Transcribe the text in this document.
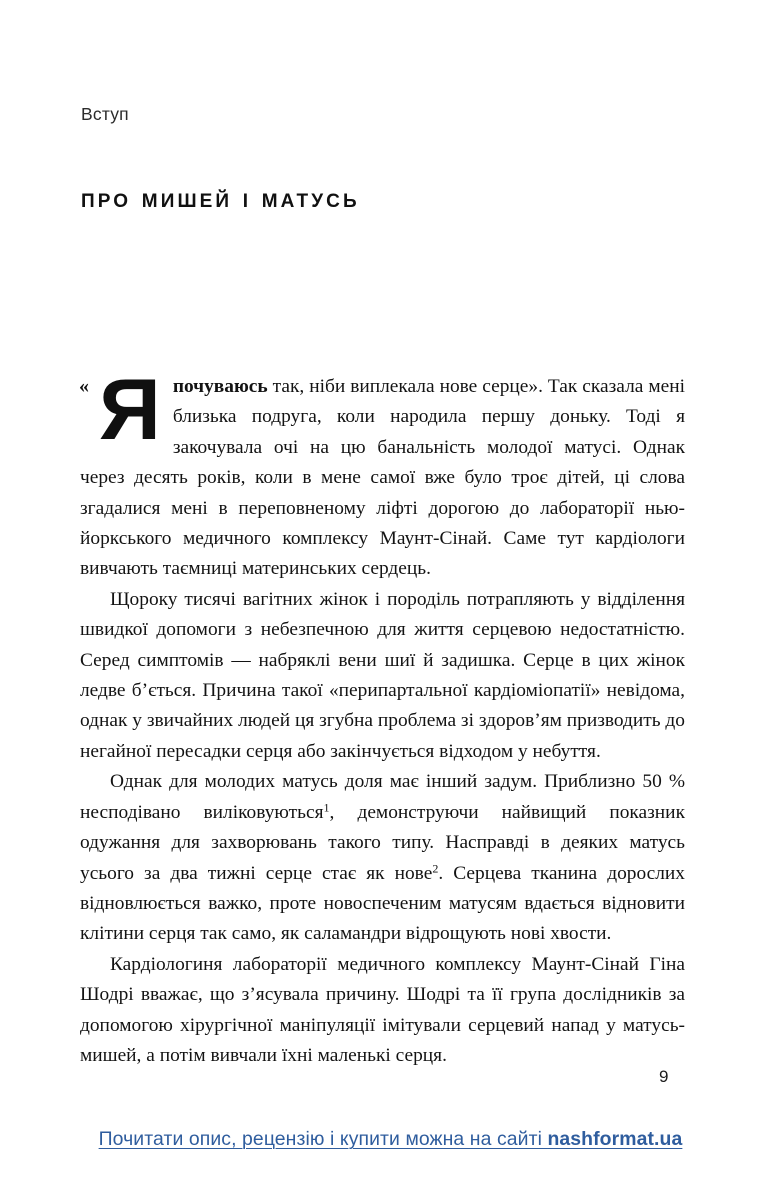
Вступ
про мишей і матусь

« Я почуваюсь так, ніби виплекала нове серце». Так сказала мені близька подруга, коли народила першу доньку. Тоді я закочувала очі на цю банальність молодої матусі. Однак через десять років, коли в мене самої вже було троє дітей, ці слова згадалися мені в переповненому ліфті дорогою до лабораторії нью-йоркського медичного комплексу Маунт-Сінай. Саме тут кардіологи вивчають таємниці материнських сердець.

Щороку тисячі вагітних жінок і породіль потрапляють у відділення швидкої допомоги з небезпечною для життя серцевою недостатністю. Серед симптомів — набряклі вени шиї й задишка. Серце в цих жінок ледве б’ється. Причина такої «перипартальної кардіоміопатії» невідома, однак у звичайних людей ця згубна проблема зі здоров’ям призводить до негайної пересадки серця або закінчується відходом у небуття.

Однак для молодих матусь доля має інший задум. Приблизно 50 % несподівано виліковуються$^1$, демонструючи найвищий показник одужання для захворювань такого типу. Насправді в деяких матусь усього за два тижні серце стає як нове$^2$. Серцева тканина дорослих відновлюється важко, проте новоспеченим матусям вдається відновити клітини серця так само, як саламандри відрощують нові хвости.

Кардіологиня лабораторії медичного комплексу Маунт-Сінай Гіна Шодрі вважає, що з’ясувала причину. Шодрі та її група дослідників за допомогою хірургічної маніпуляції імітували серцевий напад у матусь-мишей, а потім вивчали їхні маленькі серця.

9
Почитати опис, рецензію і купити можна на сайті nashformat.ua
